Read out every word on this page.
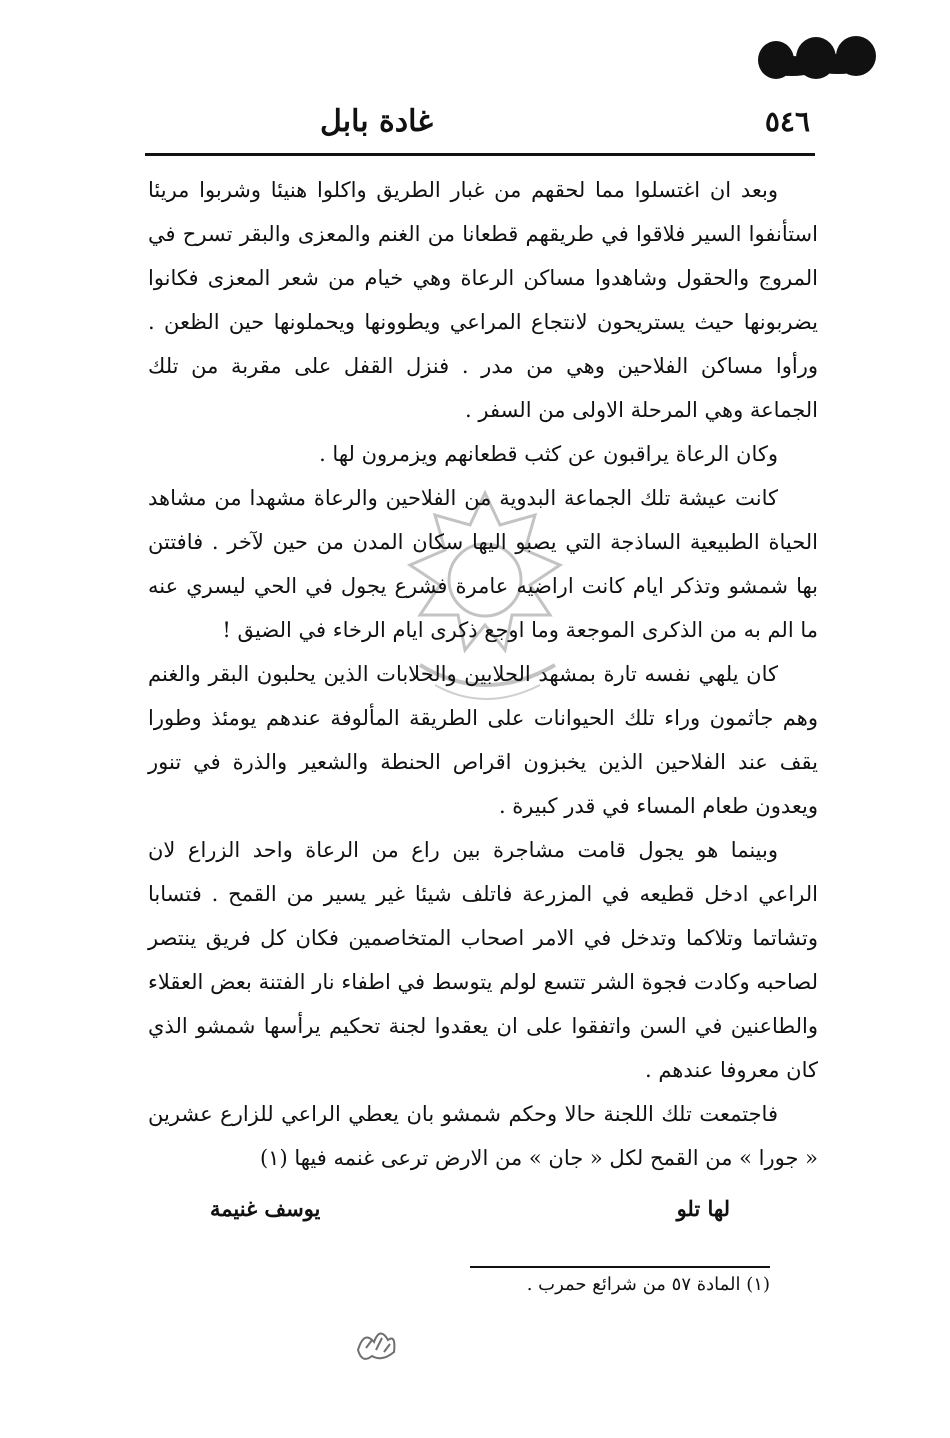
٥٤٦
غادة بابل

وبعد ان اغتسلوا مما لحقهم من غبار الطريق واكلوا هنيئا وشربوا مريئا استأنفوا السير فلاقوا في طريقهم قطعانا من الغنم والمعزى والبقر تسرح في المروج والحقول وشاهدوا مساكن الرعاة وهي خيام من شعر المعزى فكانوا يضربونها حيث يستريحون لانتجاع المراعي ويطوونها ويحملونها حين الظعن . ورأوا مساكن الفلاحين وهي من مدر . فنزل القفل على مقربة من تلك الجماعة وهي المرحلة الاولى من السفر .

وكان الرعاة يراقبون عن كثب قطعانهم ويزمرون لها .

كانت عيشة تلك الجماعة البدوية من الفلاحين والرعاة مشهدا من مشاهد الحياة الطبيعية الساذجة التي يصبو اليها سكان المدن من حين لآخر . فافتتن بها شمشو وتذكر ايام كانت اراضيه عامرة فشرع يجول في الحي ليسري عنه ما الم به من الذكرى الموجعة وما اوجع ذكرى ايام الرخاء في الضيق !

كان يلهي نفسه تارة بمشهد الحلابين والحلابات الذين يحلبون البقر والغنم وهم جاثمون وراء تلك الحيوانات على الطريقة المألوفة عندهم يومئذ وطورا يقف عند الفلاحين الذين يخبزون اقراص الحنطة والشعير والذرة في تنور ويعدون طعام المساء في قدر كبيرة .

وبينما هو يجول قامت مشاجرة بين راع من الرعاة واحد الزراع لان الراعي ادخل قطيعه في المزرعة فاتلف شيئا غير يسير من القمح . فتسابا وتشاتما وتلاكما وتدخل في الامر اصحاب المتخاصمين فكان كل فريق ينتصر لصاحبه وكادت فجوة الشر تتسع لولم يتوسط في اطفاء نار الفتنة بعض العقلاء والطاعنين في السن واتفقوا على ان يعقدوا لجنة تحكيم يرأسها شمشو الذي كان معروفا عندهم .

فاجتمعت تلك اللجنة حالا وحكم شمشو بان يعطي الراعي للزارع عشرين « جورا » من القمح لكل « جان » من الارض ترعى غنمه فيها (١)

لها تلو
يوسف غنيمة
(١) المادة ٥٧ من شرائع حمرب .
